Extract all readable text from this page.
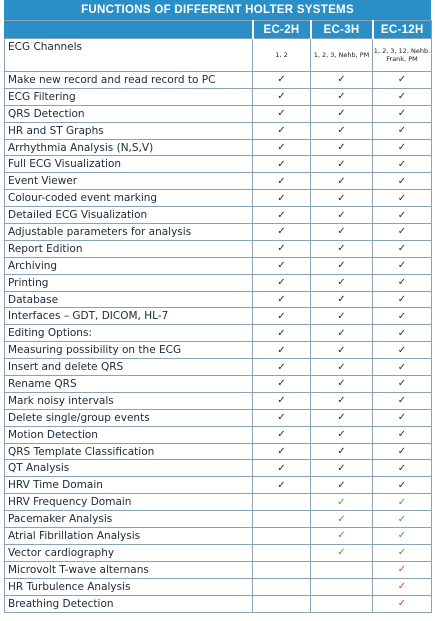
FUNCTIONS OF DIFFERENT HOLTER SYSTEMS
	EC-2H	EC-3H	EC-12H
ECG Channels	1, 2	1, 2, 3, Nehb, PM	1, 2, 3, 12, Nehb. Frank, PM
Make new record and read record to PC	✓	✓	✓
ECG Filtering	✓	✓	✓
QRS Detection	✓	✓	✓
HR and ST Graphs	✓	✓	✓
Arrhythmia Analysis (N,S,V)	✓	✓	✓
Full ECG Visualization	✓	✓	✓
Event Viewer	✓	✓	✓
Colour-coded event marking	✓	✓	✓
Detailed ECG Visualization	✓	✓	✓
Adjustable parameters for analysis	✓	✓	✓
Report Edition	✓	✓	✓
Archiving	✓	✓	✓
Printing	✓	✓	✓
Database	✓	✓	✓
Interfaces – GDT, DICOM, HL-7	✓	✓	✓
Editing Options:	✓	✓	✓
Measuring possibility on the ECG	✓	✓	✓
Insert and delete QRS	✓	✓	✓
Rename QRS	✓	✓	✓
Mark noisy intervals	✓	✓	✓
Delete single/group events	✓	✓	✓
Motion Detection	✓	✓	✓
QRS Template Classification	✓	✓	✓
QT Analysis	✓	✓	✓
HRV Time Domain	✓	✓	✓
HRV Frequency Domain		✓	✓
Pacemaker Analysis		✓	✓
Atrial Fibrillation Analysis		✓	✓
Vector cardiography		✓	✓
Microvolt T-wave alternans			✓
HR Turbulence Analysis			✓
Breathing Detection			✓
